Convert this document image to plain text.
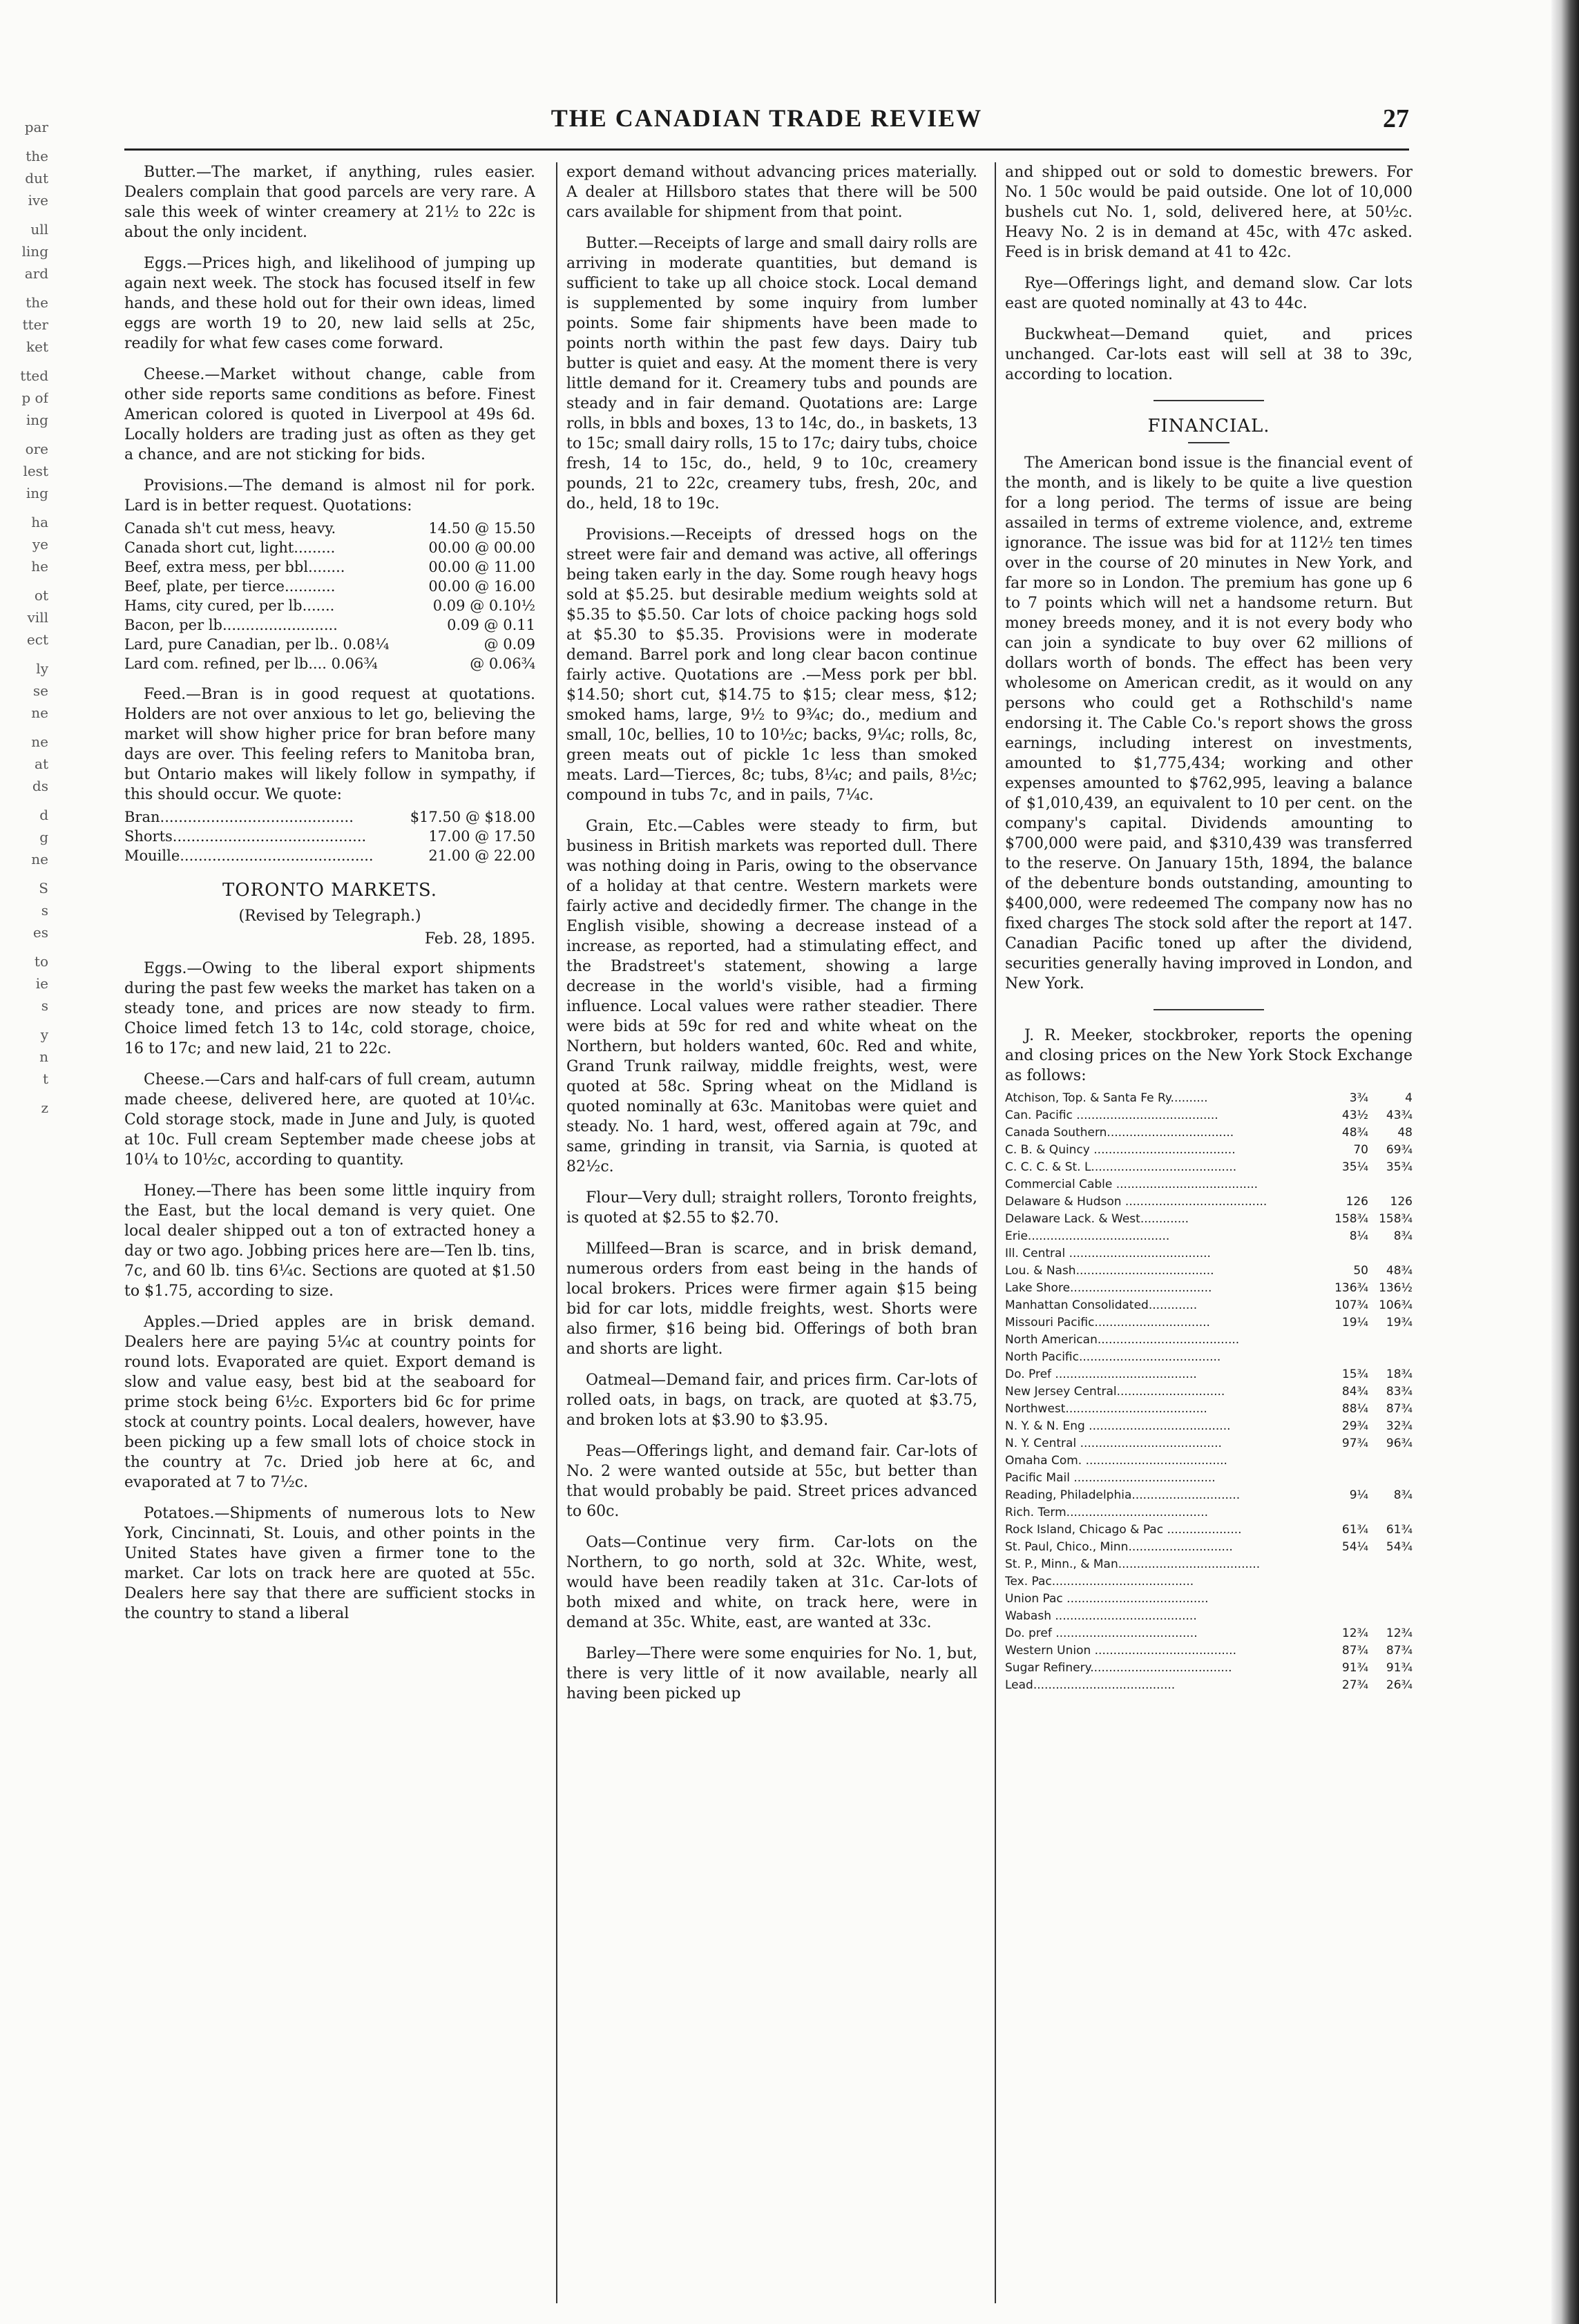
par
the
dut
ive
ull
ling
ard
the
tter
ket
tted
p of
ing
ore
lest
ing
ha
ye
he
ot
vill
ect
ly
se
ne
ne
at
ds
d
g
ne
S
s
es
to
ie
s
y
n
t
z
THE CANADIAN TRADE REVIEW	27

Butter.—The market, if anything, rules easier. Dealers complain that good parcels are very rare. A sale this week of winter creamery at 21½ to 22c is about the only incident.

Eggs.—Prices high, and likelihood of jumping up again next week. The stock has focused itself in few hands, and these hold out for their own ideas, limed eggs are worth 19 to 20, new laid sells at 25c, readily for what few cases come forward.

Cheese.—Market without change, cable from other side reports same conditions as before. Finest American colored is quoted in Liverpool at 49s 6d. Locally holders are trading just as often as they get a chance, and are not sticking for bids.

Provisions.—The demand is almost nil for pork. Lard is in better request. Quotations:

Canada sh't cut mess, heavy.	14.50 @ 15.50
Canada short cut, light.........	00.00 @ 00.00
Beef, extra mess, per bbl........	00.00 @ 11.00
Beef, plate, per tierce...........	00.00 @ 16.00
Hams, city cured, per lb.......	0.09 @ 0.10½
Bacon, per lb.........................	0.09 @ 0.11
Lard, pure Canadian, per lb.. 0.08¼	@ 0.09
Lard com. refined, per lb.... 0.06¾	@ 0.06¾

Feed.—Bran is in good request at quotations. Holders are not over anxious to let go, believing the market will show higher price for bran before many days are over. This feeling refers to Manitoba bran, but Ontario makes will likely follow in sympathy, if this should occur. We quote:

Bran..........................................	$17.50 @ $18.00
Shorts..........................................	17.00 @ 17.50
Mouille..........................................	21.00 @ 22.00
TORONTO MARKETS.
(Revised by Telegraph.)
Feb. 28, 1895.

Eggs.—Owing to the liberal export shipments during the past few weeks the market has taken on a steady tone, and prices are now steady to firm. Choice limed fetch 13 to 14c, cold storage, choice, 16 to 17c; and new laid, 21 to 22c.

Cheese.—Cars and half-cars of full cream, autumn made cheese, delivered here, are quoted at 10¼c. Cold storage stock, made in June and July, is quoted at 10c. Full cream September made cheese jobs at 10¼ to 10½c, according to quantity.

Honey.—There has been some little inquiry from the East, but the local demand is very quiet. One local dealer shipped out a ton of extracted honey a day or two ago. Jobbing prices here are—Ten lb. tins, 7c, and 60 lb. tins 6¼c. Sections are quoted at $1.50 to $1.75, according to size.

Apples.—Dried apples are in brisk demand. Dealers here are paying 5¼c at country points for round lots. Evaporated are quiet. Export demand is slow and value easy, best bid at the seaboard for prime stock being 6½c. Exporters bid 6c for prime stock at country points. Local dealers, however, have been picking up a few small lots of choice stock in the country at 7c. Dried job here at 6c, and evaporated at 7 to 7½c.

Potatoes.—Shipments of numerous lots to New York, Cincinnati, St. Louis, and other points in the United States have given a firmer tone to the market. Car lots on track here are quoted at 55c. Dealers here say that there are sufficient stocks in the country to stand a liberal

export demand without advancing prices materially. A dealer at Hillsboro states that there will be 500 cars available for shipment from that point.

Butter.—Receipts of large and small dairy rolls are arriving in moderate quantities, but demand is sufficient to take up all choice stock. Local demand is supplemented by some inquiry from lumber points. Some fair shipments have been made to points north within the past few days. Dairy tub butter is quiet and easy. At the moment there is very little demand for it. Creamery tubs and pounds are steady and in fair demand. Quotations are: Large rolls, in bbls and boxes, 13 to 14c, do., in baskets, 13 to 15c; small dairy rolls, 15 to 17c; dairy tubs, choice fresh, 14 to 15c, do., held, 9 to 10c, creamery pounds, 21 to 22c, creamery tubs, fresh, 20c, and do., held, 18 to 19c.

Provisions.—Receipts of dressed hogs on the street were fair and demand was active, all offerings being taken early in the day. Some rough heavy hogs sold at $5.25. but desirable medium weights sold at $5.35 to $5.50. Car lots of choice packing hogs sold at $5.30 to $5.35. Provisions were in moderate demand. Barrel pork and long clear bacon continue fairly active. Quotations are .—Mess pork per bbl. $14.50; short cut, $14.75 to $15; clear mess, $12; smoked hams, large, 9½ to 9¾c; do., medium and small, 10c, bellies, 10 to 10½c; backs, 9¼c; rolls, 8c, green meats out of pickle 1c less than smoked meats. Lard—Tierces, 8c; tubs, 8¼c; and pails, 8½c; compound in tubs 7c, and in pails, 7¼c.

Grain, Etc.—Cables were steady to firm, but business in British markets was reported dull. There was nothing doing in Paris, owing to the observance of a holiday at that centre. Western markets were fairly active and decidedly firmer. The change in the English visible, showing a decrease instead of a increase, as reported, had a stimulating effect, and the Bradstreet's statement, showing a large decrease in the world's visible, had a firming influence. Local values were rather steadier. There were bids at 59c for red and white wheat on the Northern, but holders wanted, 60c. Red and white, Grand Trunk railway, middle freights, west, were quoted at 58c. Spring wheat on the Midland is quoted nominally at 63c. Manitobas were quiet and steady. No. 1 hard, west, offered again at 79c, and same, grinding in transit, via Sarnia, is quoted at 82½c.

Flour—Very dull; straight rollers, Toronto freights, is quoted at $2.55 to $2.70.

Millfeed—Bran is scarce, and in brisk demand, numerous orders from east being in the hands of local brokers. Prices were firmer again $15 being bid for car lots, middle freights, west. Shorts were also firmer, $16 being bid. Offerings of both bran and shorts are light.

Oatmeal—Demand fair, and prices firm. Car-lots of rolled oats, in bags, on track, are quoted at $3.75, and broken lots at $3.90 to $3.95.

Peas—Offerings light, and demand fair. Car-lots of No. 2 were wanted outside at 55c, but better than that would probably be paid. Street prices advanced to 60c.

Oats—Continue very firm. Car-lots on the Northern, to go north, sold at 32c. White, west, would have been readily taken at 31c. Car-lots of both mixed and white, on track here, were in demand at 35c. White, east, are wanted at 33c.

Barley—There were some enquiries for No. 1, but, there is very little of it now available, nearly all having been picked up

and shipped out or sold to domestic brewers. For No. 1 50c would be paid outside. One lot of 10,000 bushels cut No. 1, sold, delivered here, at 50½c. Heavy No. 2 is in demand at 45c, with 47c asked. Feed is in brisk demand at 41 to 42c.

Rye—Offerings light, and demand slow. Car lots east are quoted nominally at 43 to 44c.

Buckwheat—Demand quiet, and prices unchanged. Car-lots east will sell at 38 to 39c, according to location.

FINANCIAL.

The American bond issue is the financial event of the month, and is likely to be quite a live question for a long period. The terms of issue are being assailed in terms of extreme violence, and, extreme ignorance. The issue was bid for at 112½ ten times over in the course of 20 minutes in New York, and far more so in London. The premium has gone up 6 to 7 points which will net a handsome return. But money breeds money, and it is not every body who can join a syndicate to buy over 62 millions of dollars worth of bonds. The effect has been very wholesome on American credit, as it would on any persons who could get a Rothschild's name endorsing it. The Cable Co.'s report shows the gross earnings, including interest on investments, amounted to $1,775,434; working and other expenses amounted to $762,995, leaving a balance of $1,010,439, an equivalent to 10 per cent. on the company's capital. Dividends amounting to $700,000 were paid, and $310,439 was transferred to the reserve. On January 15th, 1894, the balance of the debenture bonds outstanding, amounting to $400,000, were redeemed The company now has no fixed charges The stock sold after the report at 147. Canadian Pacific toned up after the dividend, securities generally having improved in London, and New York.

J. R. Meeker, stockbroker, reports the opening and closing prices on the New York Stock Exchange as follows:

Atchison, Top. & Santa Fe Ry..........	3¾	4
Can. Pacific ......................................	43½	43¾
Canada Southern..................................	48¾	48
C. B. & Quincy ......................................	70	69¾
C. C. C. & St. L.......................................	35¼	35¾
Commercial Cable ......................................
Delaware & Hudson ......................................	126	126
Delaware Lack. & West.............	158¾ 158¾
Erie......................................	8¼	8¾
Ill. Central ......................................
Lou. & Nash.....................................	50	48¾
Lake Shore......................................	136¾ 136½
Manhattan Consolidated.............	107¾ 106¾
Missouri Pacific...............................	19¼	19¾
North American......................................
North Pacific......................................
Do. Pref ......................................	15¾	18¾
New Jersey Central.............................	84¾	83¾
Northwest......................................	88¼	87¾
N. Y. & N. Eng ......................................	29¾	32¾
N. Y. Central ......................................	97¾	96¾
Omaha Com. ......................................
Pacific Mail ......................................
Reading, Philadelphia.............................	9¼	8¾
Rich. Term......................................
Rock Island, Chicago & Pac ....................	61¾	61¾
St. Paul, Chico., Minn............................	54¼	54¾
St. P., Minn., & Man......................................
Tex. Pac......................................
Union Pac ......................................
Wabash ......................................
Do. pref ......................................	12¾	12¾
Western Union ......................................	87¾	87¾
Sugar Refinery......................................	91¾	91¾
Lead......................................	27¾	26¾
